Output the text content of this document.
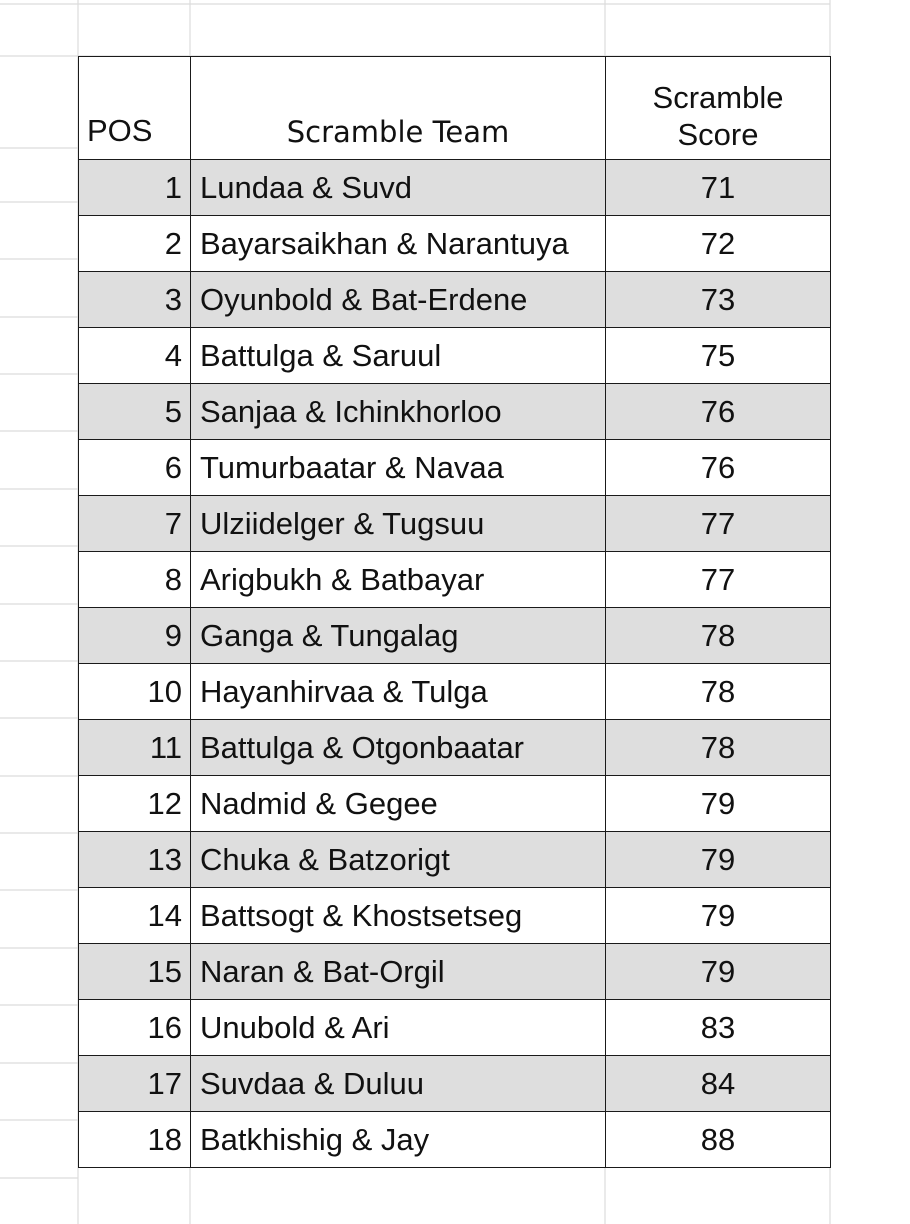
POS	Scramble Team	Scramble
Score
1	Lundaa & Suvd	71
2	Bayarsaikhan & Narantuya	72
3	Oyunbold & Bat-Erdene	73
4	Battulga & Saruul	75
5	Sanjaa & Ichinkhorloo	76
6	Tumurbaatar & Navaa	76
7	Ulziidelger & Tugsuu	77
8	Arigbukh & Batbayar	77
9	Ganga & Tungalag	78
10	Hayanhirvaa & Tulga	78
11	Battulga & Otgonbaatar	78
12	Nadmid & Gegee	79
13	Chuka & Batzorigt	79
14	Battsogt & Khostsetseg	79
15	Naran & Bat-Orgil	79
16	Unubold & Ari	83
17	Suvdaa & Duluu	84
18	Batkhishig & Jay	88
